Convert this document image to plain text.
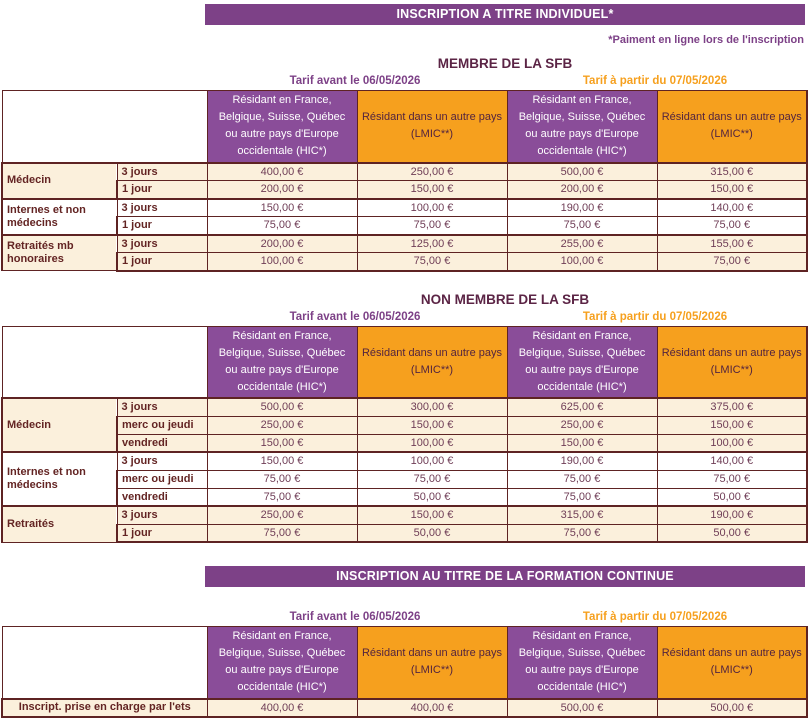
INSCRIPTION A TITRE INDIVIDUEL*
*Paiment en ligne lors de l'inscription
MEMBRE DE LA SFB
Tarif avant le 06/05/2026	Tarif à partir du 07/05/2026
		Résidant en France, Belgique, Suisse, Québec ou autre pays d'Europe occidentale (HIC*)	Résidant dans un autre pays (LMIC**)	Résidant en France, Belgique, Suisse, Québec ou autre pays d'Europe occidentale (HIC*)	Résidant dans un autre pays (LMIC**)
Médecin	3 jours	400,00 €	250,00 €	500,00 €	315,00 €
	1 jour	200,00 €	150,00 €	200,00 €	150,00 €
Internes et non médecins	3 jours	150,00 €	100,00 €	190,00 €	140,00 €
	1 jour	75,00 €	75,00 €	75,00 €	75,00 €
Retraités mb honoraires	3 jours	200,00 €	125,00 €	255,00 €	155,00 €
	1 jour	100,00 €	75,00 €	100,00 €	75,00 €
NON MEMBRE DE LA SFB
Tarif avant le 06/05/2026	Tarif à partir du 07/05/2026
		Résidant en France, Belgique, Suisse, Québec ou autre pays d'Europe occidentale (HIC*)	Résidant dans un autre pays (LMIC**)	Résidant en France, Belgique, Suisse, Québec ou autre pays d'Europe occidentale (HIC*)	Résidant dans un autre pays (LMIC**)
Médecin	3 jours	500,00 €	300,00 €	625,00 €	375,00 €
	merc ou jeudi	250,00 €	150,00 €	250,00 €	150,00 €
	vendredi	150,00 €	100,00 €	150,00 €	100,00 €
Internes et non médecins	3 jours	150,00 €	100,00 €	190,00 €	140,00 €
	merc ou jeudi	75,00 €	75,00 €	75,00 €	75,00 €
	vendredi	75,00 €	50,00 €	75,00 €	50,00 €
Retraités	3 jours	250,00 €	150,00 €	315,00 €	190,00 €
	1 jour	75,00 €	50,00 €	75,00 €	50,00 €
INSCRIPTION AU TITRE DE LA FORMATION CONTINUE
Tarif avant le 06/05/2026	Tarif à partir du 07/05/2026
	Résidant en France, Belgique, Suisse, Québec ou autre pays d'Europe occidentale (HIC*)	Résidant dans un autre pays (LMIC**)	Résidant en France, Belgique, Suisse, Québec ou autre pays d'Europe occidentale (HIC*)	Résidant dans un autre pays (LMIC**)
Inscript. prise en charge par l'ets	400,00 €	400,00 €	500,00 €	500,00 €
